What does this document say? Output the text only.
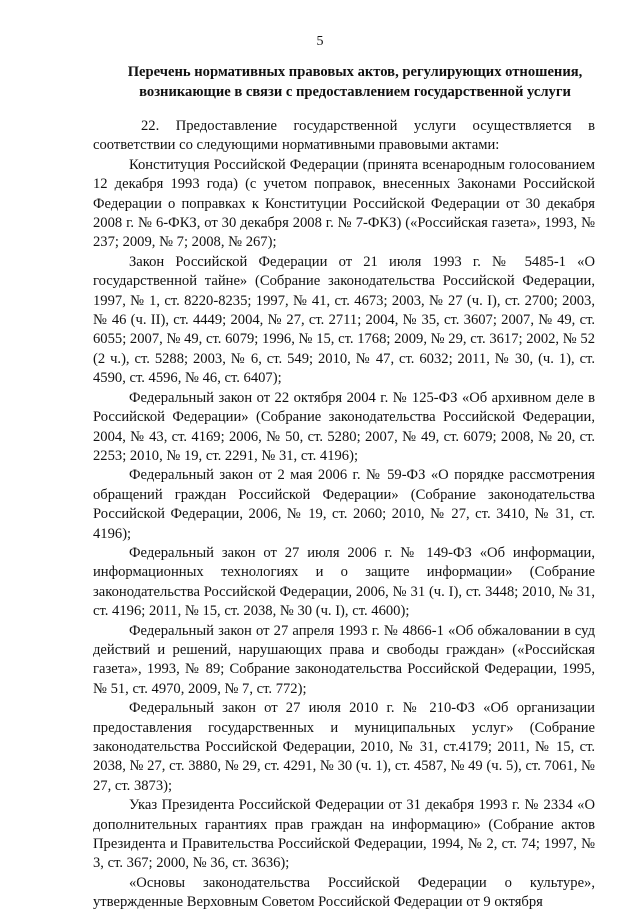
5
Перечень нормативных правовых актов, регулирующих отношения, возникающие в связи с предоставлением государственной услуги

22. Предоставление государственной услуги осуществляется в соответствии со следующими нормативными правовыми актами:

Конституция Российской Федерации (принята всенародным голосованием 12 декабря 1993 года) (с учетом поправок, внесенных Законами Российской Федерации о поправках к Конституции Российской Федерации от 30 декабря 2008 г. № 6-ФКЗ, от 30 декабря 2008 г. № 7-ФКЗ) («Российская газета», 1993, № 237; 2009, № 7; 2008, № 267);

Закон Российской Федерации от 21 июля 1993 г. № 5485-1 «О государственной тайне» (Собрание законодательства Российской Федерации, 1997, № 1, ст. 8220-8235; 1997, № 41, ст. 4673; 2003, № 27 (ч. I), ст. 2700; 2003, № 46 (ч. II), ст. 4449; 2004, № 27, ст. 2711; 2004, № 35, ст. 3607; 2007, № 49, ст. 6055; 2007, № 49, ст. 6079; 1996, № 15, ст. 1768; 2009, № 29, ст. 3617; 2002, № 52 (2 ч.), ст. 5288; 2003, № 6, ст. 549; 2010, № 47, ст. 6032; 2011, № 30, (ч. 1), ст. 4590, ст. 4596, № 46, ст. 6407);

Федеральный закон от 22 октября 2004 г. № 125-ФЗ «Об архивном деле в Российской Федерации» (Собрание законодательства Российской Федерации, 2004, № 43, ст. 4169; 2006, № 50, ст. 5280; 2007, № 49, ст. 6079; 2008, № 20, ст. 2253; 2010, № 19, ст. 2291, № 31, ст. 4196);

Федеральный закон от 2 мая 2006 г. № 59-ФЗ «О порядке рассмотрения обращений граждан Российской Федерации» (Собрание законодательства Российской Федерации, 2006, № 19, ст. 2060; 2010, № 27, ст. 3410, № 31, ст. 4196);

Федеральный закон от 27 июля 2006 г. № 149-ФЗ «Об информации, информационных технологиях и о защите информации» (Собрание законодательства Российской Федерации, 2006, № 31 (ч. I), ст. 3448; 2010, № 31, ст. 4196; 2011, № 15, ст. 2038, № 30 (ч. I), ст. 4600);

Федеральный закон от 27 апреля 1993 г. № 4866-1 «Об обжаловании в суд действий и решений, нарушающих права и свободы граждан» («Российская газета», 1993, № 89; Собрание законодательства Российской Федерации, 1995, № 51, ст. 4970, 2009, № 7, ст. 772);

Федеральный закон от 27 июля 2010 г. № 210-ФЗ «Об организации предоставления государственных и муниципальных услуг» (Собрание законодательства Российской Федерации, 2010, № 31, ст.4179; 2011, № 15, ст. 2038, № 27, ст. 3880, № 29, ст. 4291, № 30 (ч. 1), ст. 4587, № 49 (ч. 5), ст. 7061, № 27, ст. 3873);

Указ Президента Российской Федерации от 31 декабря 1993 г. № 2334 «О дополнительных гарантиях прав граждан на информацию» (Собрание актов Президента и Правительства Российской Федерации, 1994, № 2, ст. 74; 1997, № 3, ст. 367; 2000, № 36, ст. 3636);

«Основы законодательства Российской Федерации о культуре», утвержденные Верховным Советом Российской Федерации от 9 октября
